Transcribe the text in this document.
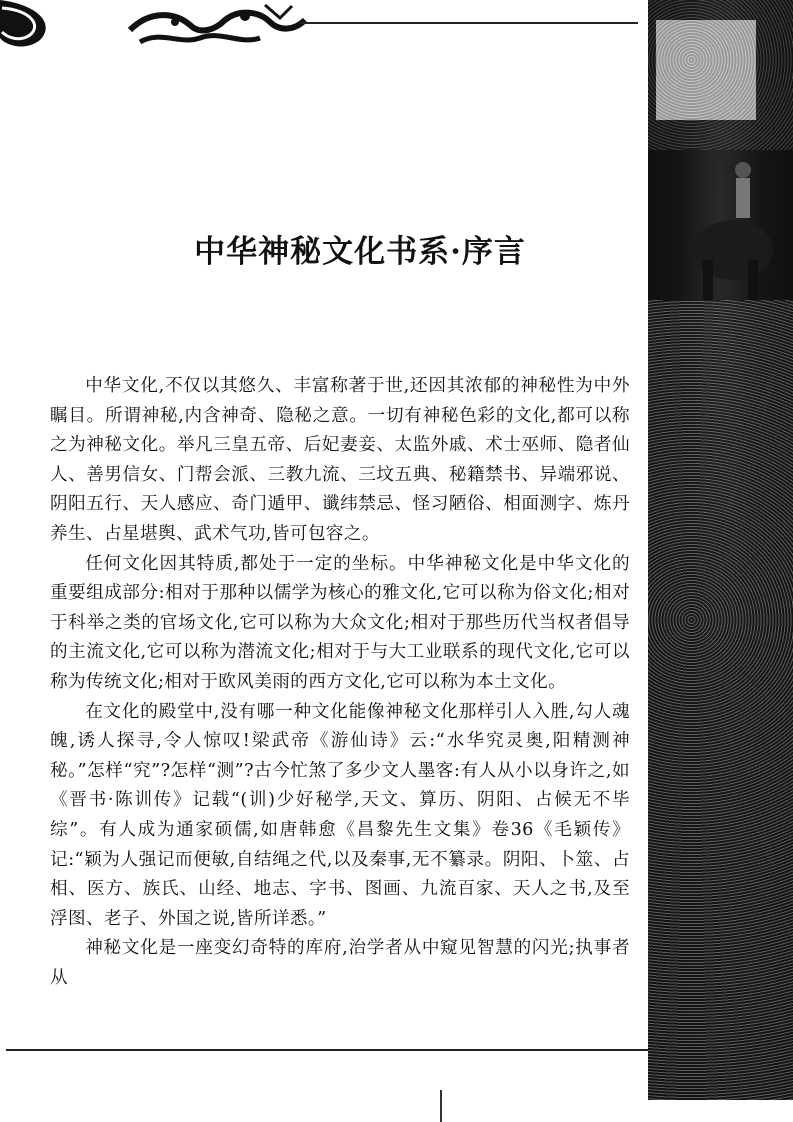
中华神秘文化书系·序言

中华文化,不仅以其悠久、丰富称著于世,还因其浓郁的神秘性为中外瞩目。所谓神秘,内含神奇、隐秘之意。一切有神秘色彩的文化,都可以称之为神秘文化。举凡三皇五帝、后妃妻妾、太监外戚、术士巫师、隐者仙人、善男信女、门帮会派、三教九流、三坟五典、秘籍禁书、异端邪说、阴阳五行、天人感应、奇门遁甲、谶纬禁忌、怪习陋俗、相面测字、炼丹养生、占星堪舆、武术气功,皆可包容之。

任何文化因其特质,都处于一定的坐标。中华神秘文化是中华文化的重要组成部分:相对于那种以儒学为核心的雅文化,它可以称为俗文化;相对于科举之类的官场文化,它可以称为大众文化;相对于那些历代当权者倡导的主流文化,它可以称为潜流文化;相对于与大工业联系的现代文化,它可以称为传统文化;相对于欧风美雨的西方文化,它可以称为本土文化。

在文化的殿堂中,没有哪一种文化能像神秘文化那样引人入胜,勾人魂魄,诱人探寻,令人惊叹!梁武帝《游仙诗》云:“水华究灵奥,阳精测神秘。”怎样“究”?怎样“测”?古今忙煞了多少文人墨客:有人从小以身许之,如《晋书·陈训传》记载“(训)少好秘学,天文、算历、阴阳、占候无不毕综”。有人成为通家硕儒,如唐韩愈《昌黎先生文集》卷36《毛颖传》记:“颖为人强记而便敏,自结绳之代,以及秦事,无不纂录。阴阳、卜筮、占相、医方、族氏、山经、地志、字书、图画、九流百家、天人之书,及至浮图、老子、外国之说,皆所详悉。”

神秘文化是一座变幻奇特的库府,治学者从中窥见智慧的闪光;执事者从
